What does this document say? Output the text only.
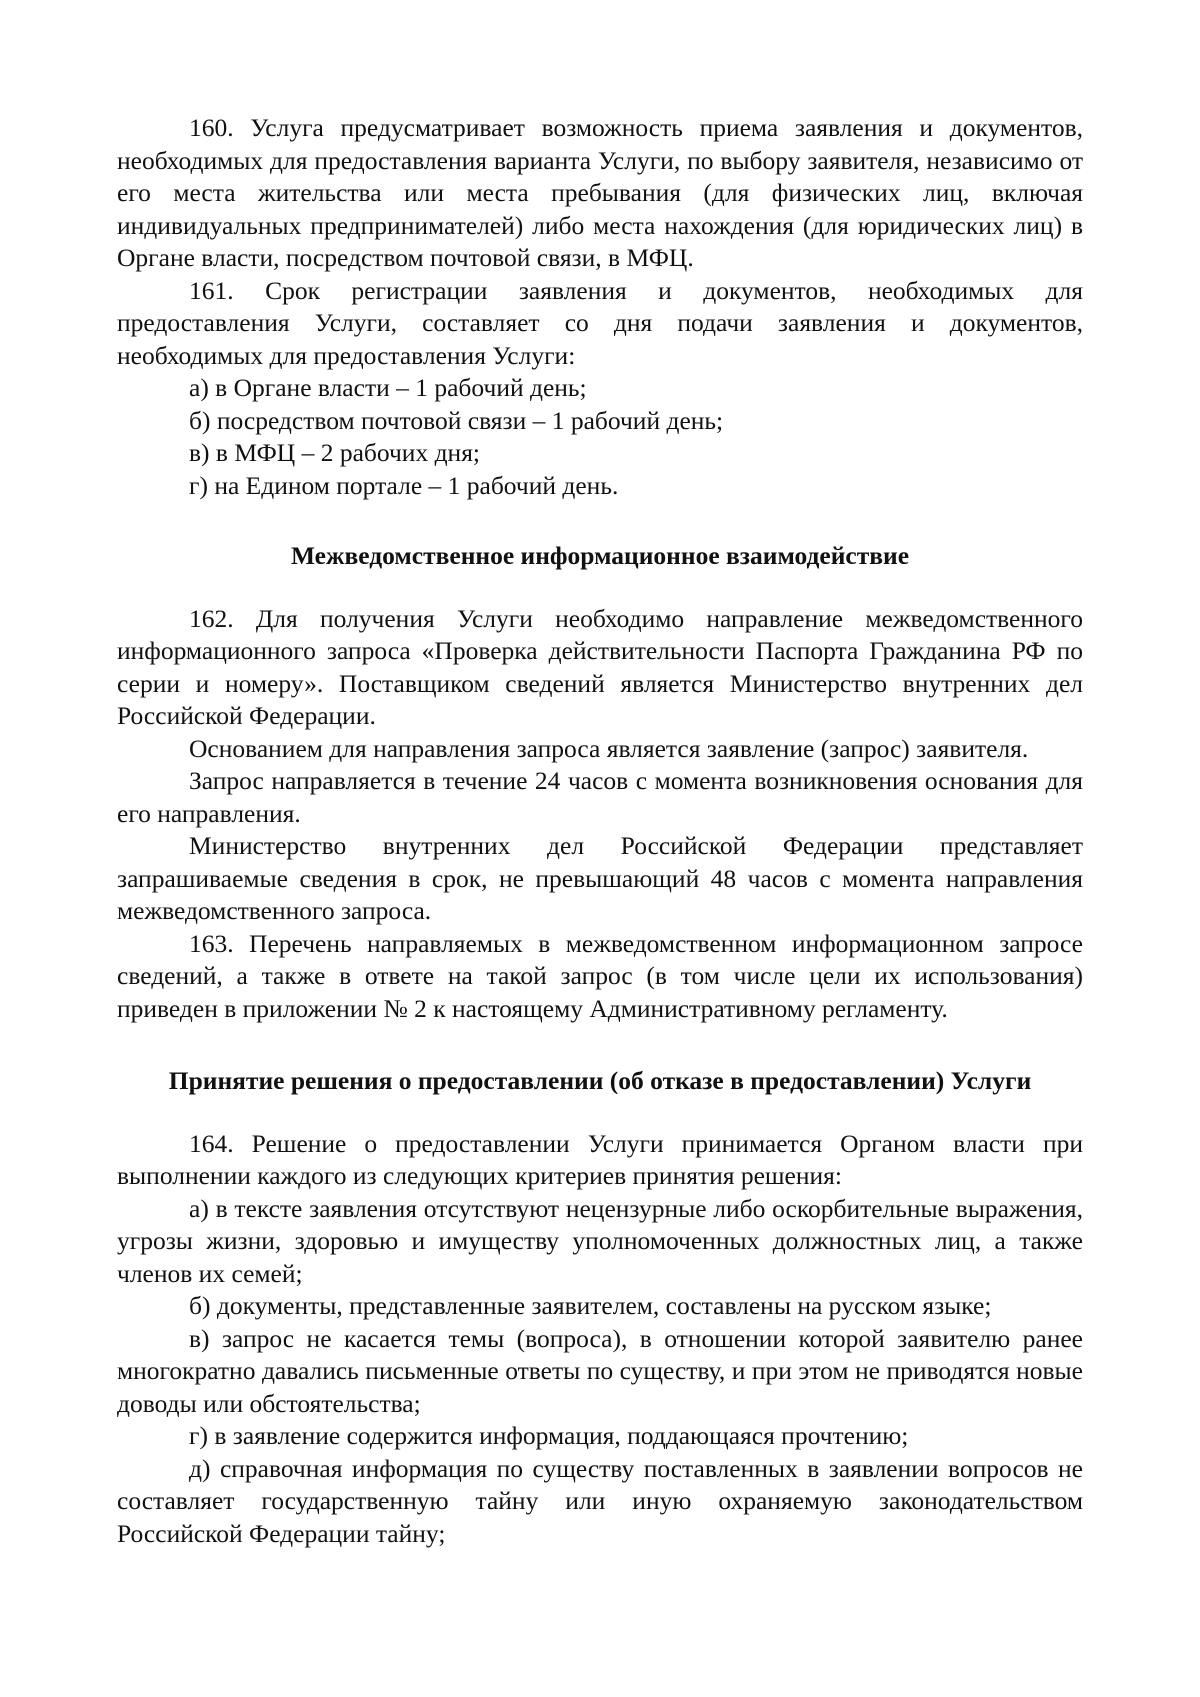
160. Услуга предусматривает возможность приема заявления и документов, необходимых для предоставления варианта Услуги, по выбору заявителя, независимо от его места жительства или места пребывания (для физических лиц, включая индивидуальных предпринимателей) либо места нахождения (для юридических лиц) в Органе власти, посредством почтовой связи, в МФЦ.

161. Срок регистрации заявления и документов, необходимых для предоставления Услуги, составляет со дня подачи заявления и документов, необходимых для предоставления Услуги:

а) в Органе власти – 1 рабочий день;

б) посредством почтовой связи – 1 рабочий день;

в) в МФЦ – 2 рабочих дня;

г) на Едином портале – 1 рабочий день.

Межведомственное информационное взаимодействие

162. Для получения Услуги необходимо направление межведомственного информационного запроса «Проверка действительности Паспорта Гражданина РФ по серии и номеру». Поставщиком сведений является Министерство внутренних дел Российской Федерации.

Основанием для направления запроса является заявление (запрос) заявителя.

Запрос направляется в течение 24 часов с момента возникновения основания для его направления.

Министерство внутренних дел Российской Федерации представляет запрашиваемые сведения в срок, не превышающий 48 часов с момента направления межведомственного запроса.

163. Перечень направляемых в межведомственном информационном запросе сведений, а также в ответе на такой запрос (в том числе цели их использования) приведен в приложении № 2 к настоящему Административному регламенту.

Принятие решения о предоставлении (об отказе в предоставлении) Услуги

164. Решение о предоставлении Услуги принимается Органом власти при выполнении каждого из следующих критериев принятия решения:

а) в тексте заявления отсутствуют нецензурные либо оскорбительные выражения, угрозы жизни, здоровью и имуществу уполномоченных должностных лиц, а также членов их семей;

б) документы, представленные заявителем, составлены на русском языке;

в) запрос не касается темы (вопроса), в отношении которой заявителю ранее многократно давались письменные ответы по существу, и при этом не приводятся новые доводы или обстоятельства;

г) в заявление содержится информация, поддающаяся прочтению;

д) справочная информация по существу поставленных в заявлении вопросов не составляет государственную тайну или иную охраняемую законодательством Российской Федерации тайну;
